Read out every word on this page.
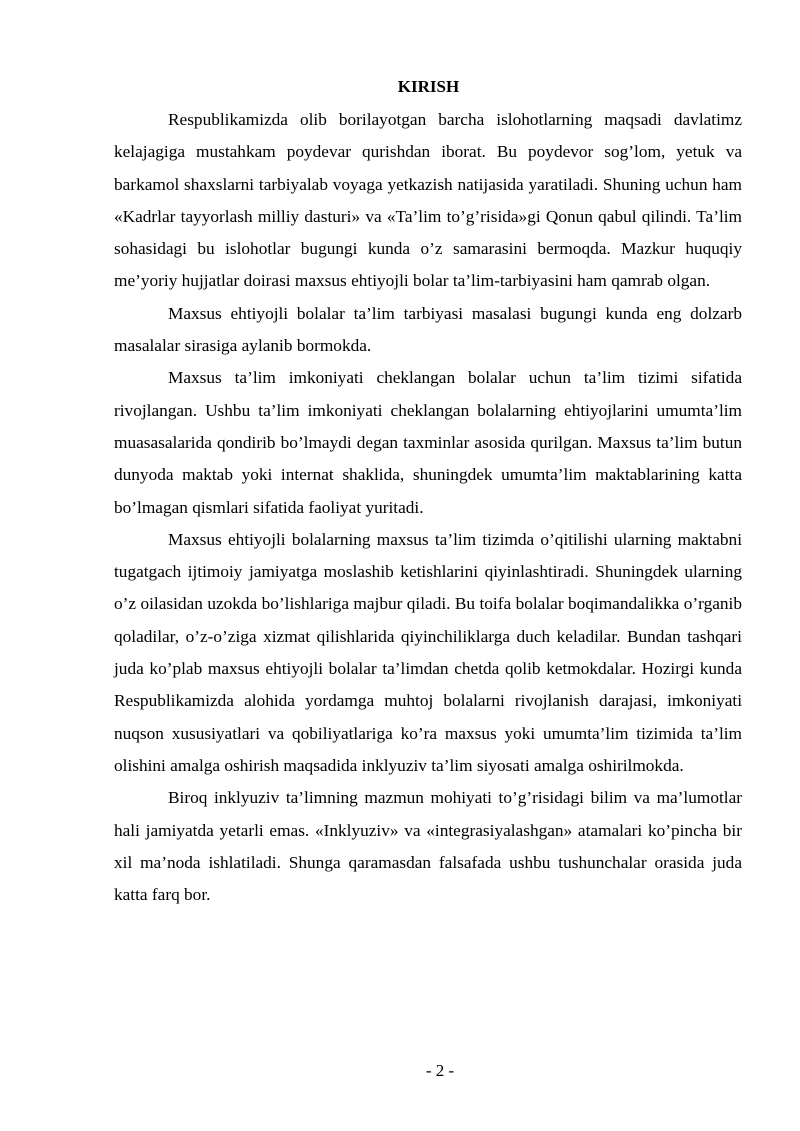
KIRISH

Respublikamizda olib borilayotgan barcha islohotlarning maqsadi davlatimz kelajagiga mustahkam poydevar qurishdan iborat. Bu poydevor sog’lom, yetuk va barkamol shaxslarni tarbiyalab voyaga yetkazish natijasida yaratiladi. Shuning uchun ham «Kadrlar tayyorlash milliy dasturi» va «Ta’lim to’g’risida»gi Qonun qabul qilindi. Ta’lim sohasidagi bu islohotlar bugungi kunda o’z samarasini bermoqda. Mazkur huquqiy me’yoriy hujjatlar doirasi maxsus ehtiyojli bolar ta’lim-tarbiyasini ham qamrab olgan.

Maxsus ehtiyojli bolalar ta’lim tarbiyasi masalasi bugungi kunda eng dolzarb masalalar sirasiga aylanib bormokda.

Maxsus ta’lim imkoniyati cheklangan bolalar uchun ta’lim tizimi sifatida rivojlangan. Ushbu ta’lim imkoniyati cheklangan bolalarning ehtiyojlarini umumta’lim muasasalarida qondirib bo’lmaydi degan taxminlar asosida qurilgan. Maxsus ta’lim butun dunyoda maktab yoki internat shaklida, shuningdek umumta’lim maktablarining katta bo’lmagan qismlari sifatida faoliyat yuritadi.

Maxsus ehtiyojli bolalarning maxsus ta’lim tizimda o’qitilishi ularning maktabni tugatgach ijtimoiy jamiyatga moslashib ketishlarini qiyinlashtiradi. Shuningdek ularning o’z oilasidan uzokda bo’lishlariga majbur qiladi. Bu toifa bolalar boqimandalikka o’rganib qoladilar, o’z-o’ziga xizmat qilishlarida qiyinchiliklarga duch keladilar. Bundan tashqari juda ko’plab maxsus ehtiyojli bolalar ta’limdan chetda qolib ketmokdalar. Hozirgi kunda Respublikamizda alohida yordamga muhtoj bolalarni rivojlanish darajasi, imkoniyati nuqson xususiyatlari va qobiliyatlariga ko’ra maxsus yoki umumta’lim tizimida ta’lim olishini amalga oshirish maqsadida inklyuziv ta’lim siyosati amalga oshirilmokda.

Biroq inklyuziv ta’limning mazmun mohiyati to’g’risidagi bilim va ma’lumotlar hali jamiyatda yetarli emas. «Inklyuziv» va «integrasiyalashgan» atamalari ko’pincha bir xil ma’noda ishlatiladi. Shunga qaramasdan falsafada ushbu tushunchalar orasida juda katta farq bor.

- 2 -
